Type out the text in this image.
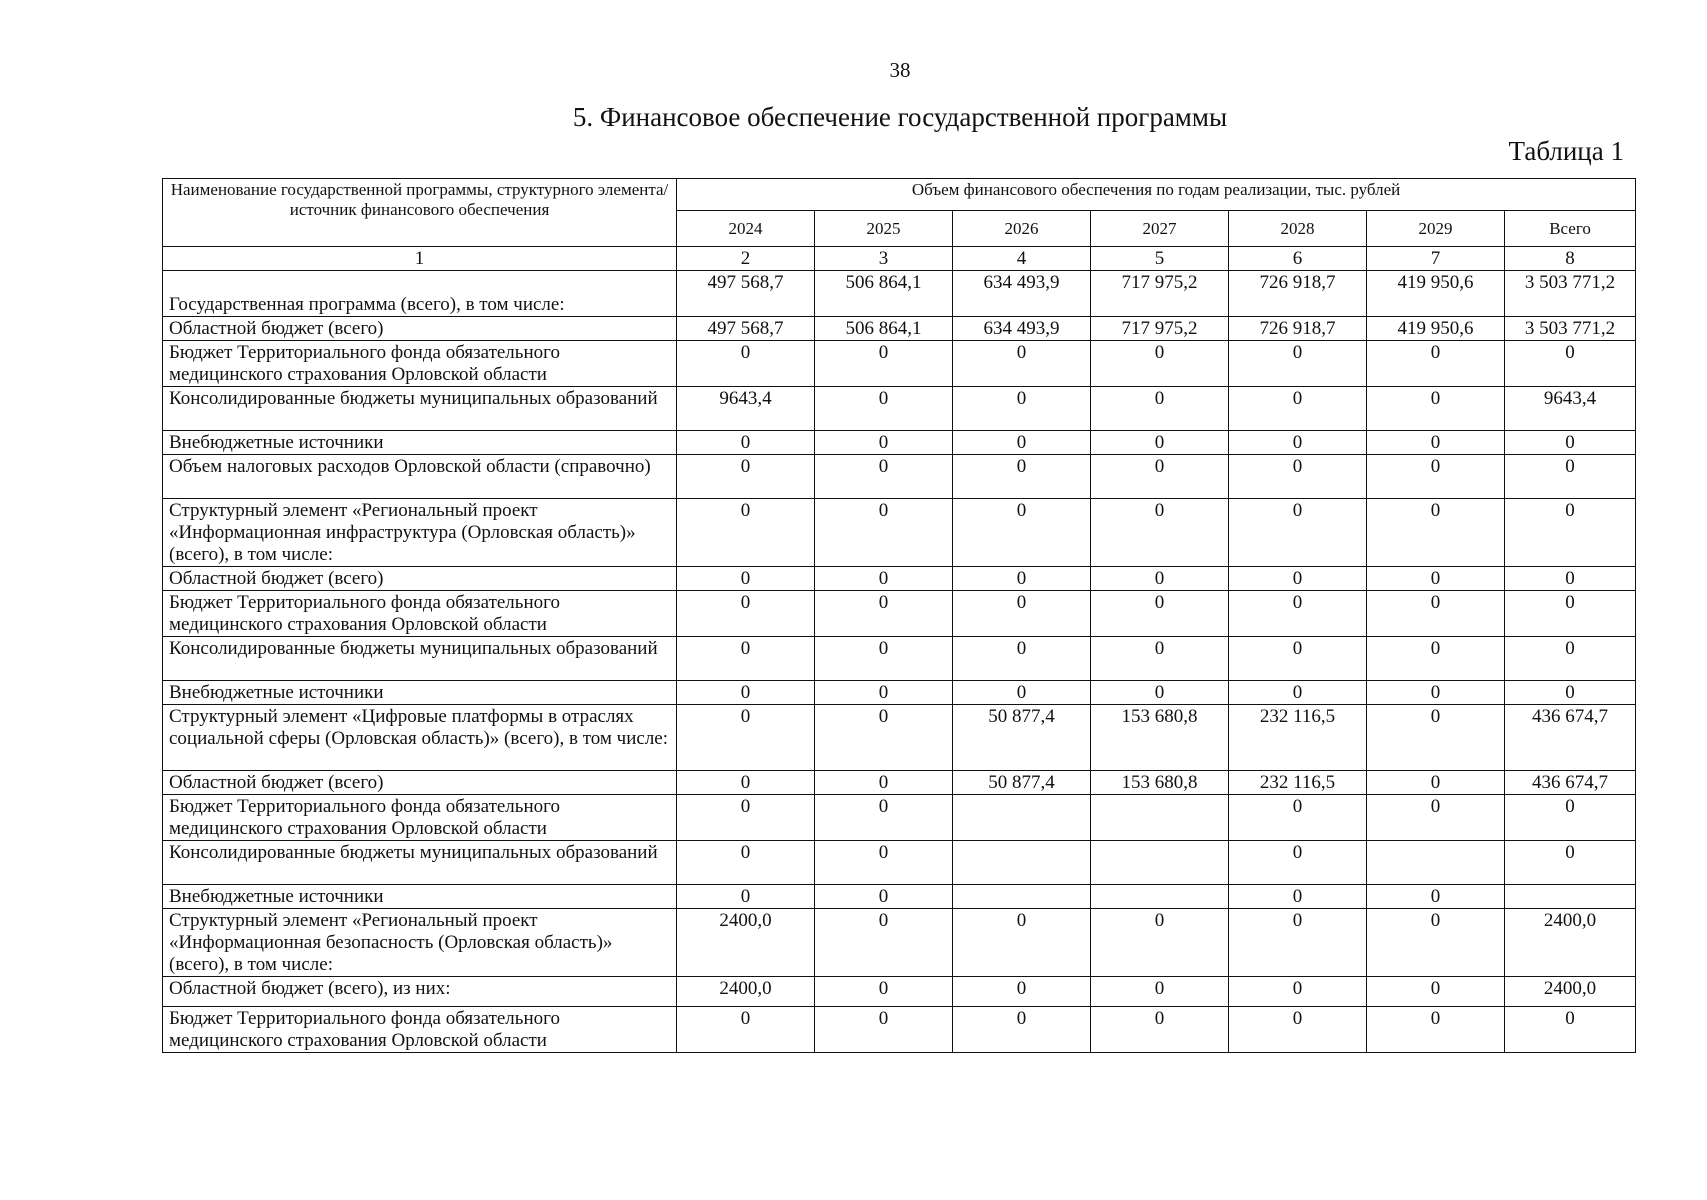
38
5. Финансовое обеспечение государственной программы
Таблица 1
Наименование государственной программы, структурного элемента/источник финансового обеспечения	Объем финансового обеспечения по годам реализации, тыс. рублей						
	2024	2025	2026	2027	2028	2029	Всего
1	2	3	4	5	6	7	8
Государственная программа (всего), в том числе:	497 568,7	506 864,1	634 493,9	717 975,2	726 918,7	419 950,6	3 503 771,2
Областной бюджет (всего)	497 568,7	506 864,1	634 493,9	717 975,2	726 918,7	419 950,6	3 503 771,2
Бюджет Территориального фонда обязательного медицинского страхования Орловской области	0	0	0	0	0	0	0
Консолидированные бюджеты муниципальных образований	9643,4	0	0	0	0	0	9643,4
Внебюджетные источники	0	0	0	0	0	0	0
Объем налоговых расходов Орловской области (справочно)	0	0	0	0	0	0	0
Структурный элемент «Региональный проект «Информационная инфраструктура (Орловская область)» (всего), в том числе:	0	0	0	0	0	0	0
Областной бюджет (всего)	0	0	0	0	0	0	0
Бюджет Территориального фонда обязательного медицинского страхования Орловской области	0	0	0	0	0	0	0
Консолидированные бюджеты муниципальных образований	0	0	0	0	0	0	0
Внебюджетные источники	0	0	0	0	0	0	0
Структурный элемент «Цифровые платформы в отраслях социальной сферы (Орловская область)» (всего), в том числе:	0	0	50 877,4	153 680,8	232 116,5	0	436 674,7
Областной бюджет (всего)	0	0	50 877,4	153 680,8	232 116,5	0	436 674,7
Бюджет Территориального фонда обязательного медицинского страхования Орловской области	0	0			0	0	0
Консолидированные бюджеты муниципальных образований	0	0			0		0
Внебюджетные источники	0	0			0	0	
Структурный элемент «Региональный проект «Информационная безопасность (Орловская область)» (всего), в том числе:	2400,0	0	0	0	0	0	2400,0
Областной бюджет (всего), из них:	2400,0	0	0	0	0	0	2400,0
Бюджет Территориального фонда обязательного медицинского страхования Орловской области	0	0	0	0	0	0	0
